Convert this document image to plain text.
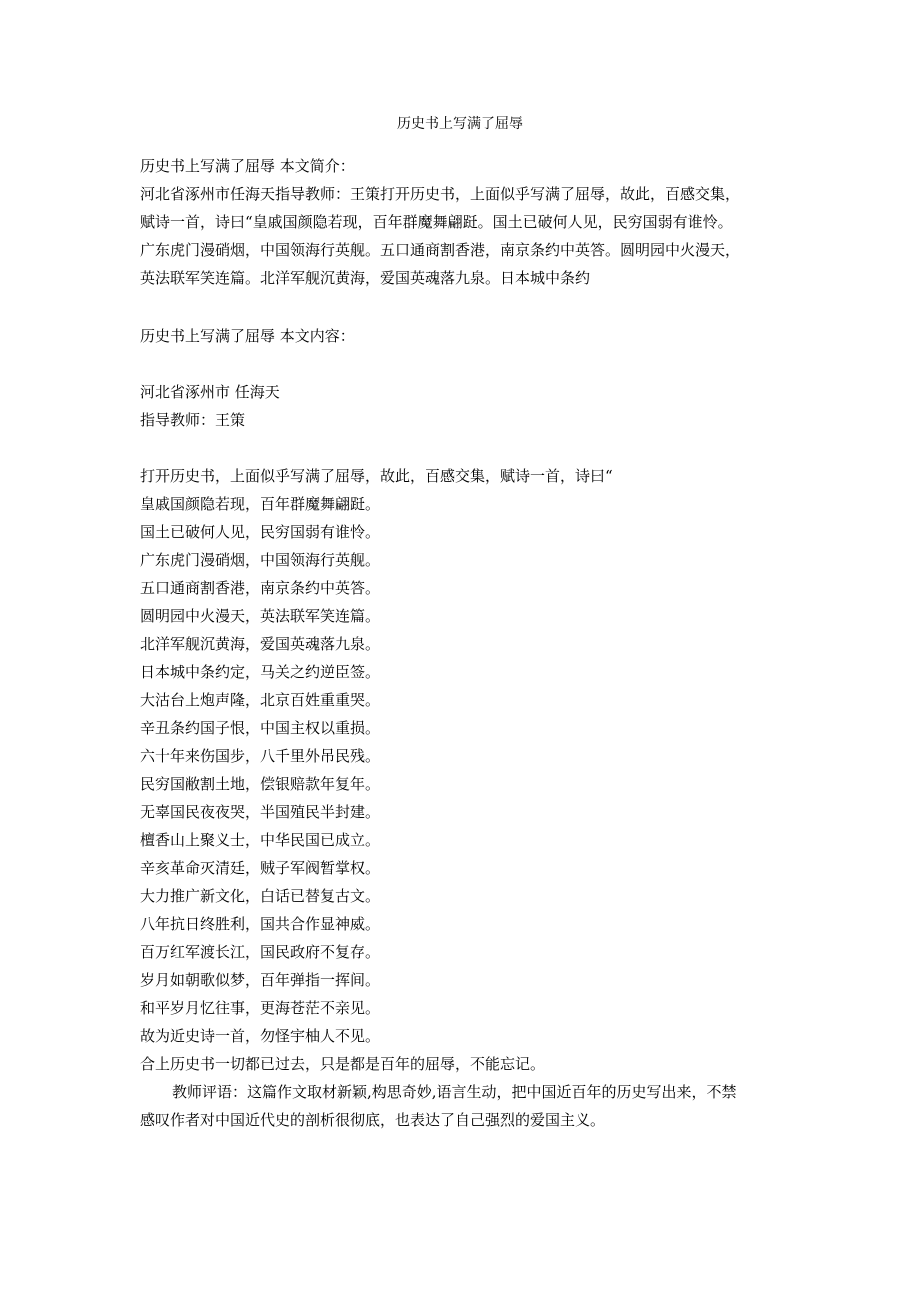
历史书上写满了屈辱
历史书上写满了屈辱 本文简介：
河北省涿州市任海天指导教师：王策打开历史书，上面似乎写满了屈辱，故此，百感交集，
赋诗一首，诗曰“皇戚国颜隐若现，百年群魔舞翩跹。国土已破何人见，民穷国弱有谁怜。
广东虎门漫硝烟，中国领海行英舰。五口通商割香港，南京条约中英答。圆明园中火漫天，
英法联军笑连篇。北洋军舰沉黄海，爱国英魂落九泉。日本城中条约
历史书上写满了屈辱 本文内容：
河北省涿州市 任海天
指导教师：王策
打开历史书，上面似乎写满了屈辱，故此，百感交集，赋诗一首，诗曰“
皇戚国颜隐若现，百年群魔舞翩跹。
国土已破何人见，民穷国弱有谁怜。
广东虎门漫硝烟，中国领海行英舰。
五口通商割香港，南京条约中英答。
圆明园中火漫天，英法联军笑连篇。
北洋军舰沉黄海，爱国英魂落九泉。
日本城中条约定，马关之约逆臣签。
大沽台上炮声隆，北京百姓重重哭。
辛丑条约国子恨，中国主权以重损。
六十年来伤国步，八千里外吊民残。
民穷国敝割土地，偿银赔款年复年。
无辜国民夜夜哭，半国殖民半封建。
檀香山上聚义士，中华民国已成立。
辛亥革命灭清廷，贼子军阀暂掌权。
大力推广新文化，白话已替复古文。
八年抗日终胜利，国共合作显神威。
百万红军渡长江，国民政府不复存。
岁月如朝歌似梦，百年弹指一挥间。
和平岁月忆往事，更海苍茫不亲见。
故为近史诗一首，勿怪宇柚人不见。
合上历史书一切都已过去，只是都是百年的屈辱，不能忘记。
教师评语：这篇作文取材新颖,构思奇妙,语言生动，把中国近百年的历史写出来，不禁
感叹作者对中国近代史的剖析很彻底，也表达了自己强烈的爱国主义。
